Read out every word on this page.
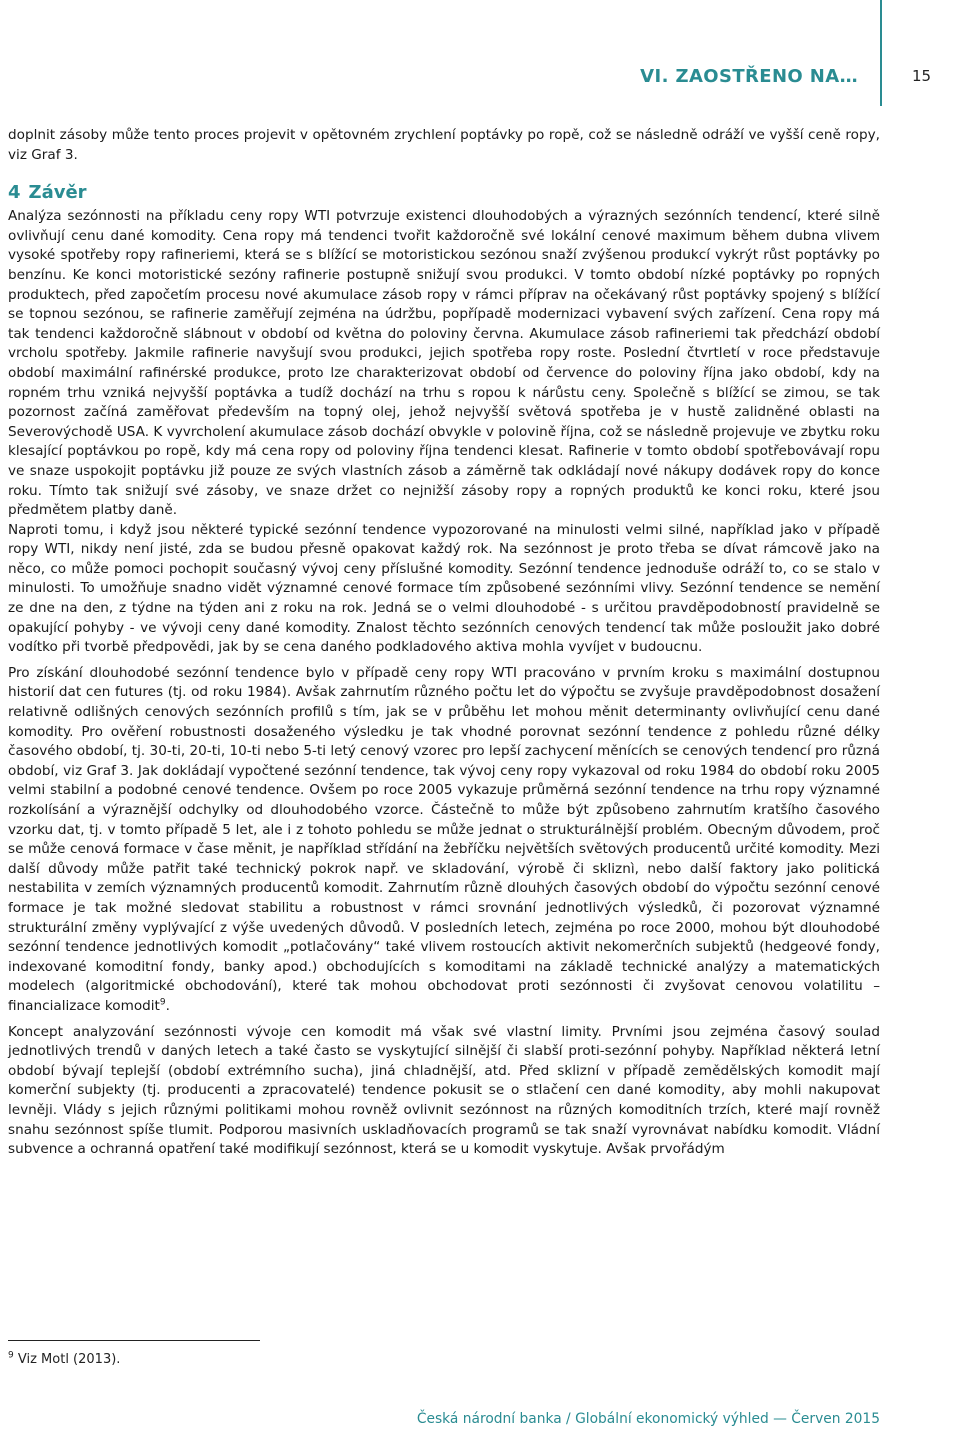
VI. ZAOSTŘENO NA…	15

doplnit zásoby může tento proces projevit v opětovném zrychlení poptávky po ropě, což se následně odráží ve vyšší ceně ropy, viz Graf 3.

4 Závěr

Analýza sezónnosti na příkladu ceny ropy WTI potvrzuje existenci dlouhodobých a výrazných sezónních tendencí, které silně ovlivňují cenu dané komodity. Cena ropy má tendenci tvořit každoročně své lokální cenové maximum během dubna vlivem vysoké spotřeby ropy rafineriemi, která se s blížící se motoristickou sezónou snaží zvýšenou produkcí vykrýt růst poptávky po benzínu. Ke konci motoristické sezóny rafinerie postupně snižují svou produkci. V tomto období nízké poptávky po ropných produktech, před započetím procesu nové akumulace zásob ropy v rámci příprav na očekávaný růst poptávky spojený s blížící se topnou sezónou, se rafinerie zaměřují zejména na údržbu, popřípadě modernizaci vybavení svých zařízení. Cena ropy má tak tendenci každoročně slábnout v období od května do poloviny června. Akumulace zásob rafineriemi tak předchází období vrcholu spotřeby. Jakmile rafinerie navyšují svou produkci, jejich spotřeba ropy roste. Poslední čtvrtletí v roce představuje období maximální rafinérské produkce, proto lze charakterizovat období od července do poloviny října jako období, kdy na ropném trhu vzniká nejvyšší poptávka a tudíž dochází na trhu s ropou k nárůstu ceny. Společně s blížící se zimou, se tak pozornost začíná zaměřovat především na topný olej, jehož nejvyšší světová spotřeba je v hustě zalidněné oblasti na Severovýchodě USA. K vyvrcholení akumulace zásob dochází obvykle v polovině října, což se následně projevuje ve zbytku roku klesající poptávkou po ropě, kdy má cena ropy od poloviny října tendenci klesat. Rafinerie v tomto období spotřebovávají ropu ve snaze uspokojit poptávku již pouze ze svých vlastních zásob a záměrně tak odkládají nové nákupy dodávek ropy do konce roku. Tímto tak snižují své zásoby, ve snaze držet co nejnižší zásoby ropy a ropných produktů ke konci roku, které jsou předmětem platby daně.

Naproti tomu, i když jsou některé typické sezónní tendence vypozorované na minulosti velmi silné, například jako v případě ropy WTI, nikdy není jisté, zda se budou přesně opakovat každý rok. Na sezónnost je proto třeba se dívat rámcově jako na něco, co může pomoci pochopit současný vývoj ceny příslušné komodity. Sezónní tendence jednoduše odráží to, co se stalo v minulosti. To umožňuje snadno vidět významné cenové formace tím způsobené sezónními vlivy. Sezónní tendence se nemění ze dne na den, z týdne na týden ani z roku na rok. Jedná se o velmi dlouhodobé - s určitou pravděpodobností pravidelně se opakující pohyby - ve vývoji ceny dané komodity. Znalost těchto sezónních cenových tendencí tak může posloužit jako dobré vodítko při tvorbě předpovědi, jak by se cena daného podkladového aktiva mohla vyvíjet v budoucnu.

Pro získání dlouhodobé sezónní tendence bylo v případě ceny ropy WTI pracováno v prvním kroku s maximální dostupnou historií dat cen futures (tj. od roku 1984). Avšak zahrnutím různého počtu let do výpočtu se zvyšuje pravděpodobnost dosažení relativně odlišných cenových sezónních profilů s tím, jak se v průběhu let mohou měnit determinanty ovlivňující cenu dané komodity. Pro ověření robustnosti dosaženého výsledku je tak vhodné porovnat sezónní tendence z pohledu různé délky časového období, tj. 30-ti, 20-ti, 10-ti nebo 5-ti letý cenový vzorec pro lepší zachycení měnících se cenových tendencí pro různá období, viz Graf 3. Jak dokládají vypočtené sezónní tendence, tak vývoj ceny ropy vykazoval od roku 1984 do období roku 2005 velmi stabilní a podobné cenové tendence. Ovšem po roce 2005 vykazuje průměrná sezónní tendence na trhu ropy významné rozkolísání a výraznější odchylky od dlouhodobého vzorce. Částečně to může být způsobeno zahrnutím kratšího časového vzorku dat, tj. v tomto případě 5 let, ale i z tohoto pohledu se může jednat o strukturálnější problém. Obecným důvodem, proč se může cenová formace v čase měnit, je například střídání na žebříčku největších světových producentů určité komodity. Mezi další důvody může patřit také technický pokrok např. ve skladování, výrobě či skliznì, nebo další faktory jako politická nestabilita v zemích významných producentů komodit. Zahrnutím různě dlouhých časových období do výpočtu sezónní cenové formace je tak možné sledovat stabilitu a robustnost v rámci srovnání jednotlivých výsledků, či pozorovat významné strukturální změny vyplývající z výše uvedených důvodů. V posledních letech, zejména po roce 2000, mohou být dlouhodobé sezónní tendence jednotlivých komodit „potlačovány“ také vlivem rostoucích aktivit nekomerčních subjektů (hedgeové fondy, indexované komoditní fondy, banky apod.) obchodujících s komoditami na základě technické analýzy a matematických modelech (algoritmické obchodování), které tak mohou obchodovat proti sezónnosti či zvyšovat cenovou volatilitu – financializace komodit$^9$.

Koncept analyzování sezónnosti vývoje cen komodit má však své vlastní limity. Prvními jsou zejména časový soulad jednotlivých trendů v daných letech a také často se vyskytující silnější či slabší proti-sezónní pohyby. Například některá letní období bývají teplejší (období extrémního sucha), jiná chladnější, atd. Před sklizní v případě zemědělských komodit mají komerční subjekty (tj. producenti a zpracovatelé) tendence pokusit se o stlačení cen dané komodity, aby mohli nakupovat levněji. Vlády s jejich různými politikami mohou rovněž ovlivnit sezónnost na různých komoditních trzích, které mají rovněž snahu sezónnost spíše tlumit. Podporou masivních uskladňovacích programů se tak snaží vyrovnávat nabídku komodit. Vládní subvence a ochranná opatření také modifikují sezónnost, která se u komodit vyskytuje. Avšak prvořádým

$^9$ Viz Motl (2013).
Česká národní banka / Globální ekonomický výhled — Červen 2015
